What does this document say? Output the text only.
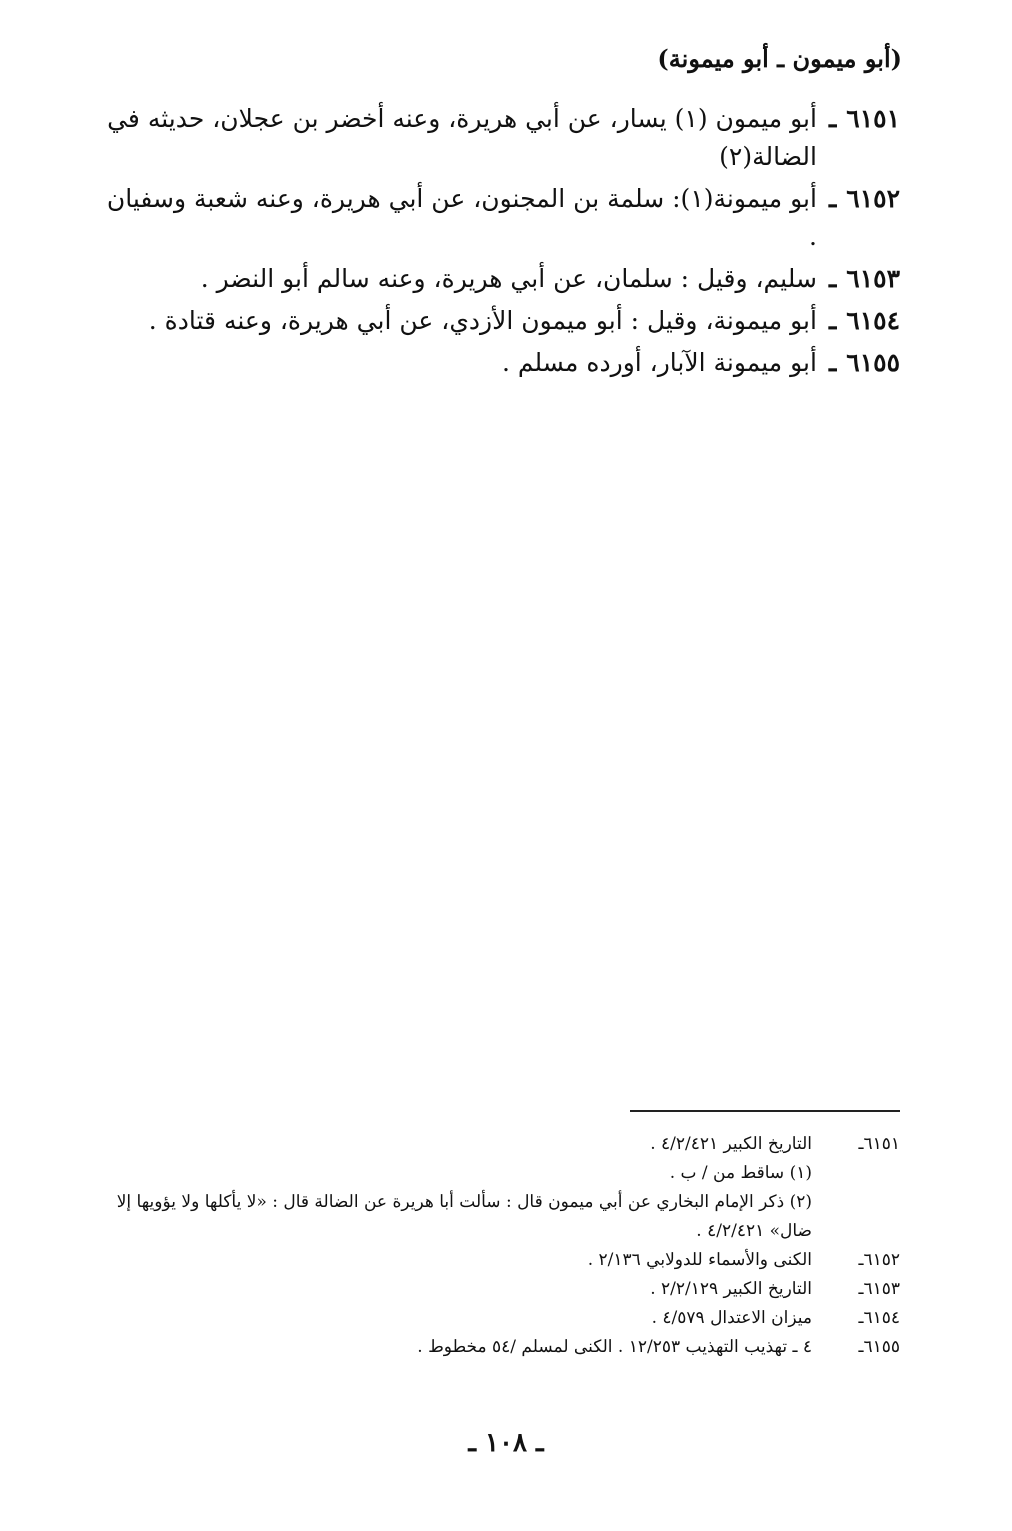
(أبو ميمون ـ أبو ميمونة)
٦١٥١
ـ
أبو ميمون (١) يسار، عن أبي هريرة، وعنه أخضر بن عجلان، حديثه في الضالة(٢)
٦١٥٢
ـ
أبو ميمونة(١): سلمة بن المجنون، عن أبي هريرة، وعنه شعبة وسفيان .
٦١٥٣
ـ
سليم، وقيل : سلمان، عن أبي هريرة، وعنه سالم أبو النضر .
٦١٥٤
ـ
أبو ميمونة، وقيل : أبو ميمون الأزدي، عن أبي هريرة، وعنه قتادة .
٦١٥٥
ـ
أبو ميمونة الآبار، أورده مسلم .
٦١٥١ـ
التاريخ الكبير ٤/٢/٤٢١ .
(١) ساقط من / ب .
(٢) ذكر الإمام البخاري عن أبي ميمون قال : سألت أبا هريرة عن الضالة قال : «لا يأكلها ولا يؤويها إلا
ضال» ٤/٢/٤٢١ .
٦١٥٢ـ
الكنى والأسماء للدولابي ٢/١٣٦ .
٦١٥٣ـ
التاريخ الكبير ٢/٢/١٢٩ .
٦١٥٤ـ
ميزان الاعتدال ٤/٥٧٩ .
٦١٥٥ـ
٤ ـ تهذيب التهذيب ١٢/٢٥٣ . الكنى لمسلم /٥٤ مخطوط .
ـ ١٠٨ ـ
